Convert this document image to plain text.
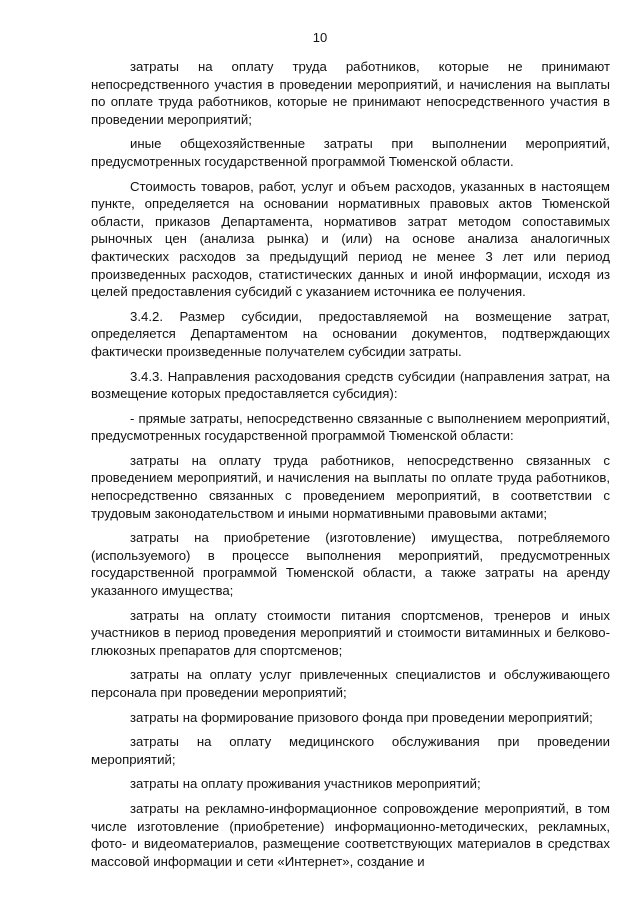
10

затраты на оплату труда работников, которые не принимают непосредственного участия в проведении мероприятий, и начисления на выплаты по оплате труда работников, которые не принимают непосредственного участия в проведении мероприятий;

иные общехозяйственные затраты при выполнении мероприятий, предусмотренных государственной программой Тюменской области.

Стоимость товаров, работ, услуг и объем расходов, указанных в настоящем пункте, определяется на основании нормативных правовых актов Тюменской области, приказов Департамента, нормативов затрат методом сопоставимых рыночных цен (анализа рынка) и (или) на основе анализа аналогичных фактических расходов за предыдущий период не менее 3 лет или период произведенных расходов, статистических данных и иной информации, исходя из целей предоставления субсидий с указанием источника ее получения.

3.4.2. Размер субсидии, предоставляемой на возмещение затрат, определяется Департаментом на основании документов, подтверждающих фактически произведенные получателем субсидии затраты.

3.4.3. Направления расходования средств субсидии (направления затрат, на возмещение которых предоставляется субсидия):

- прямые затраты, непосредственно связанные с выполнением мероприятий, предусмотренных государственной программой Тюменской области:

затраты на оплату труда работников, непосредственно связанных с проведением мероприятий, и начисления на выплаты по оплате труда работников, непосредственно связанных с проведением мероприятий, в соответствии с трудовым законодательством и иными нормативными правовыми актами;

затраты на приобретение (изготовление) имущества, потребляемого (используемого) в процессе выполнения мероприятий, предусмотренных государственной программой Тюменской области, а также затраты на аренду указанного имущества;

затраты на оплату стоимости питания спортсменов, тренеров и иных участников в период проведения мероприятий и стоимости витаминных и белково-глюкозных препаратов для спортсменов;

затраты на оплату услуг привлеченных специалистов и обслуживающего персонала при проведении мероприятий;

затраты на формирование призового фонда при проведении мероприятий;

затраты на оплату медицинского обслуживания при проведении мероприятий;

затраты на оплату проживания участников мероприятий;

затраты на рекламно-информационное сопровождение мероприятий, в том числе изготовление (приобретение) информационно-методических, рекламных, фото- и видеоматериалов, размещение соответствующих материалов в средствах массовой информации и сети «Интернет», создание и
